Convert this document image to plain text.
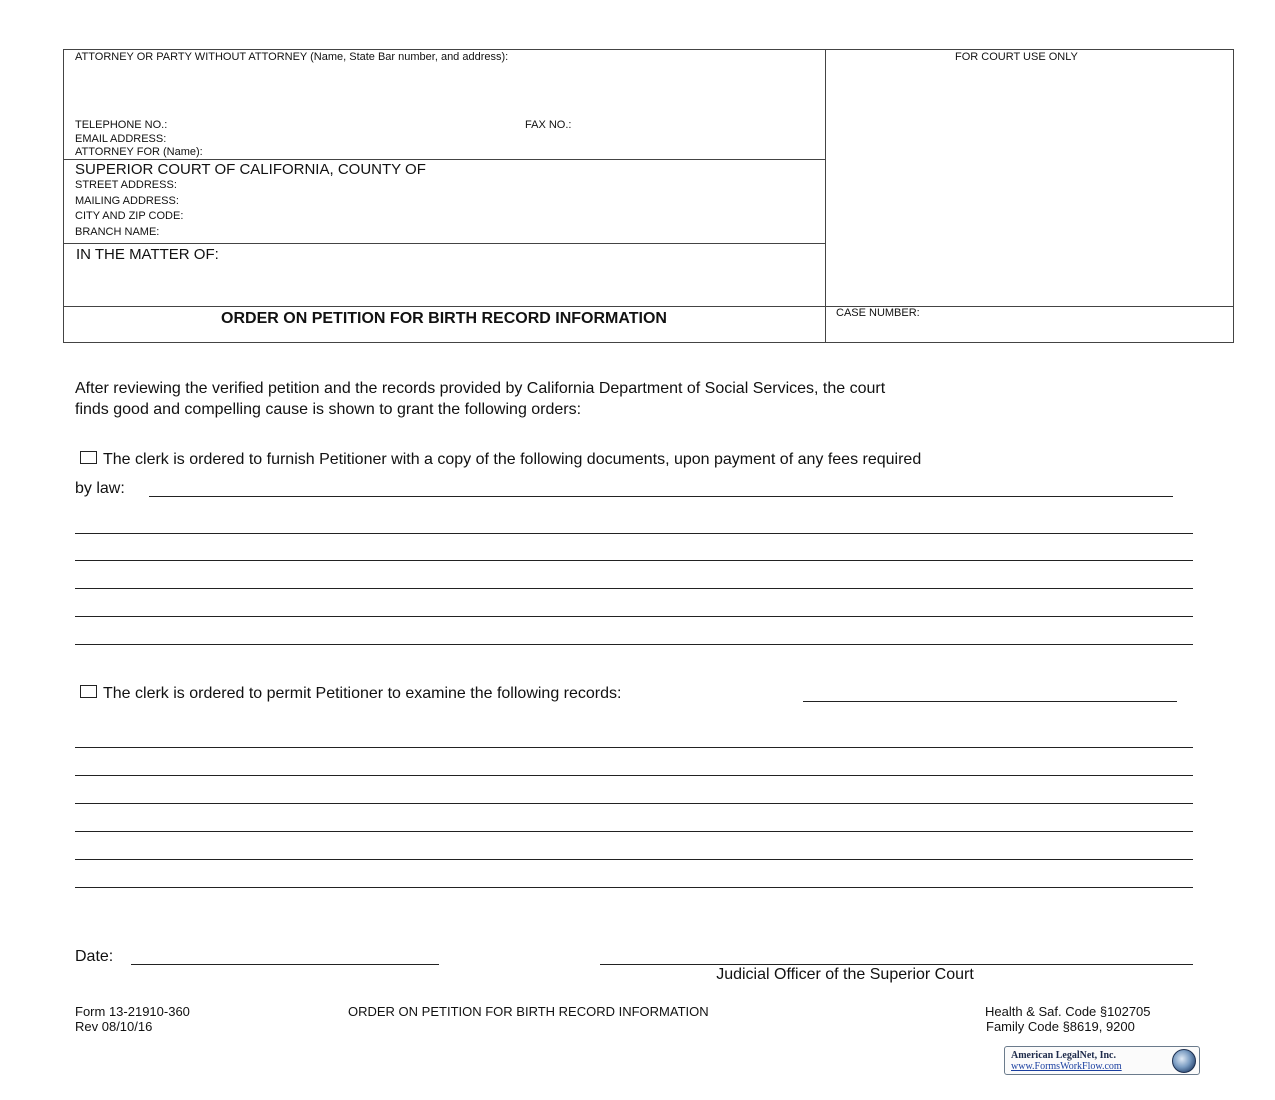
ATTORNEY OR PARTY WITHOUT ATTORNEY (Name, State Bar number, and address):	FOR COURT USE ONLY
TELEPHONE NO.:	FAX NO.:
EMAIL ADDRESS:
ATTORNEY FOR (Name):
SUPERIOR COURT OF CALIFORNIA, COUNTY OF
STREET ADDRESS:
MAILING ADDRESS:
CITY AND ZIP CODE:
BRANCH NAME:
IN THE MATTER OF:
ORDER ON PETITION FOR BIRTH RECORD INFORMATION	CASE NUMBER:
After reviewing the verified petition and the records provided by California Department of Social Services, the court
finds good and compelling cause is shown to grant the following orders:
The clerk is ordered to furnish Petitioner with a copy of the following documents, upon payment of any fees required
by law:
The clerk is ordered to permit Petitioner to examine the following records:
Date:
Judicial Officer of the Superior Court
Form 13-21910-360
Rev 08/10/16
ORDER ON PETITION FOR BIRTH RECORD INFORMATION	Health & Saf. Code §102705
Family Code §8619, 9200
American LegalNet, Inc.
www.FormsWorkFlow.com
